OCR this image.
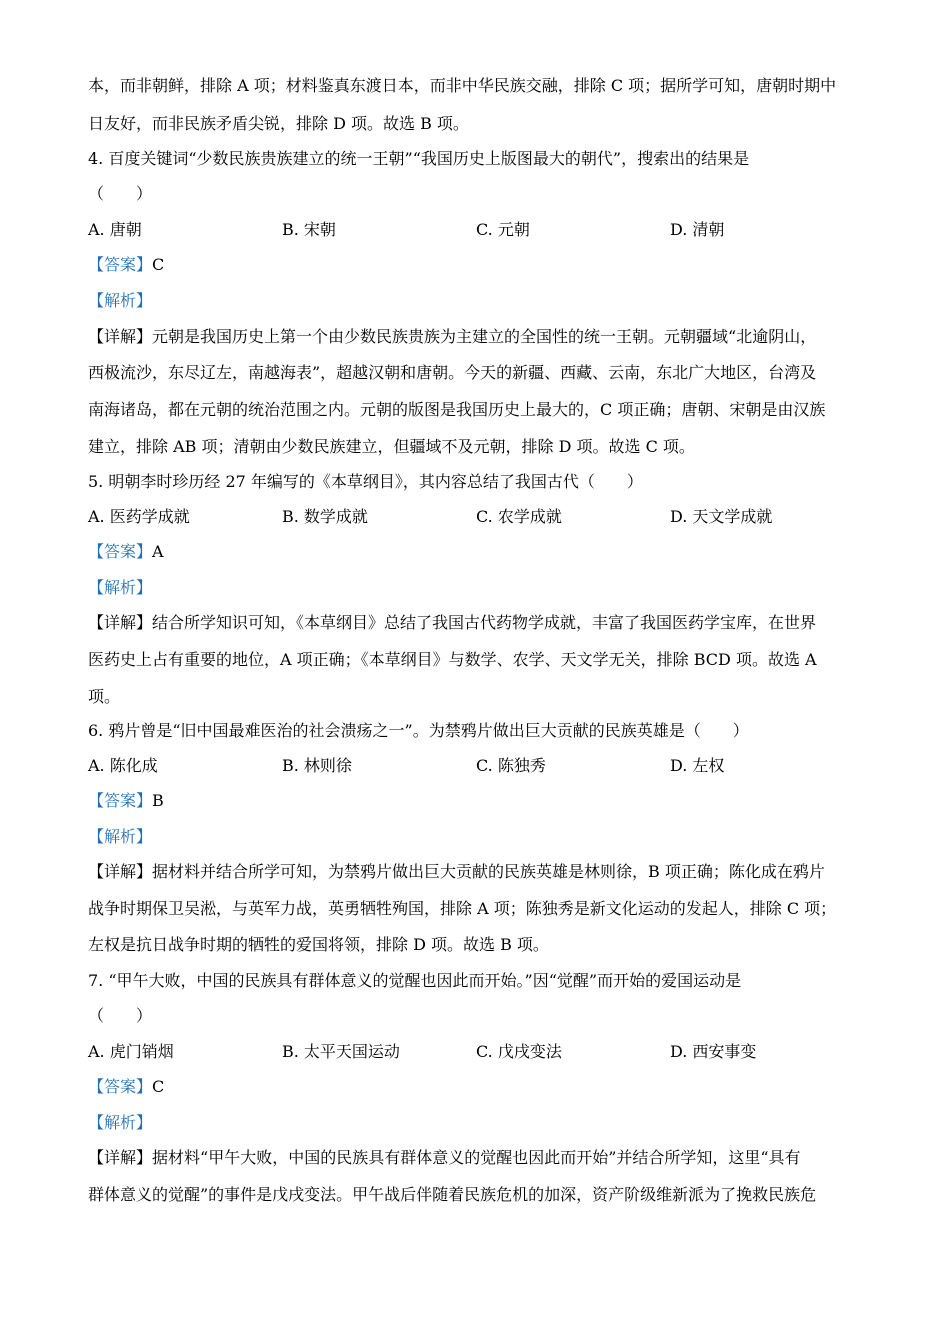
本，而非朝鲜，排除 A 项；材料鉴真东渡日本，而非中华民族交融，排除 C 项；据所学可知，唐朝时期中
日友好，而非民族矛盾尖锐，排除 D 项。故选 B 项。
4. 百度关键词“少数民族贵族建立的统一王朝”“我国历史上版图最大的朝代”，搜索出的结果是
（　　）
A. 唐朝	B. 宋朝	C. 元朝	D. 清朝
【答案】C
【解析】
【详解】元朝是我国历史上第一个由少数民族贵族为主建立的全国性的统一王朝。元朝疆域“北逾阴山，
西极流沙，东尽辽左，南越海表”，超越汉朝和唐朝。今天的新疆、西藏、云南，东北广大地区，台湾及
南海诸岛，都在元朝的统治范围之内。元朝的版图是我国历史上最大的，C 项正确；唐朝、宋朝是由汉族
建立，排除 AB 项；清朝由少数民族建立，但疆域不及元朝，排除 D 项。故选 C 项。
5. 明朝李时珍历经 27 年编写的《本草纲目》，其内容总结了我国古代（　　）
A. 医药学成就	B. 数学成就	C. 农学成就	D. 天文学成就
【答案】A
【解析】
【详解】结合所学知识可知，《本草纲目》总结了我国古代药物学成就，丰富了我国医药学宝库，在世界
医药史上占有重要的地位，A 项正确；《本草纲目》与数学、农学、天文学无关，排除 BCD 项。故选 A
项。
6. 鸦片曾是“旧中国最难医治的社会溃疡之一”。为禁鸦片做出巨大贡献的民族英雄是（　　）
A. 陈化成	B. 林则徐	C. 陈独秀	D. 左权
【答案】B
【解析】
【详解】据材料并结合所学可知，为禁鸦片做出巨大贡献的民族英雄是林则徐，B 项正确；陈化成在鸦片
战争时期保卫吴淞，与英军力战，英勇牺牲殉国，排除 A 项；陈独秀是新文化运动的发起人，排除 C 项；
左权是抗日战争时期的牺牲的爱国将领，排除 D 项。故选 B 项。
7. “甲午大败，中国的民族具有群体意义的觉醒也因此而开始。”因“觉醒”而开始的爱国运动是
（　　）
A. 虎门销烟	B. 太平天国运动	C. 戊戌变法	D. 西安事变
【答案】C
【解析】
【详解】据材料“甲午大败，中国的民族具有群体意义的觉醒也因此而开始”并结合所学知，这里“具有
群体意义的觉醒”的事件是戊戌变法。甲午战后伴随着民族危机的加深，资产阶级维新派为了挽救民族危
